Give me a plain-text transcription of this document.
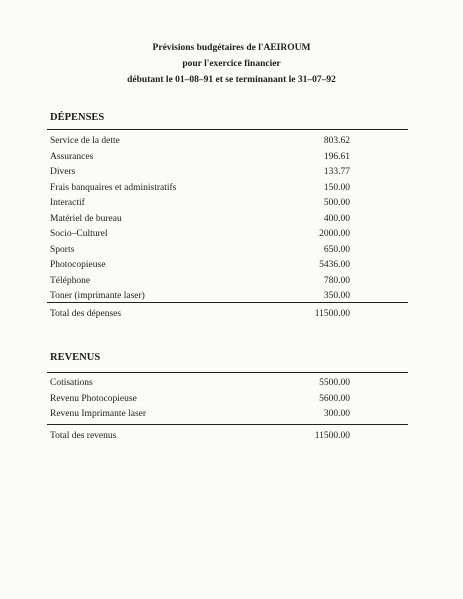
Prévisions budgétaires de l'AEIROUM
pour l'exercice financier
débutant le 01–08–91 et se terminanant le 31–07–92
DÉPENSES
Service de la dette	803.62
Assurances	196.61
Divers	133.77
Frais banquaires et administratifs	150.00
Interactif	500.00
Matériel de bureau	400.00
Socio–Culturel	2000.00
Sports	650.00
Photocopieuse	5436.00
Téléphone	780.00
Toner (imprimante laser)	350.00
Total des dépenses	11500.00
REVENUS
Cotisations	5500.00
Revenu Photocopieuse	5600.00
Revenu Imprimante laser	300.00
Total des revenus	11500.00
